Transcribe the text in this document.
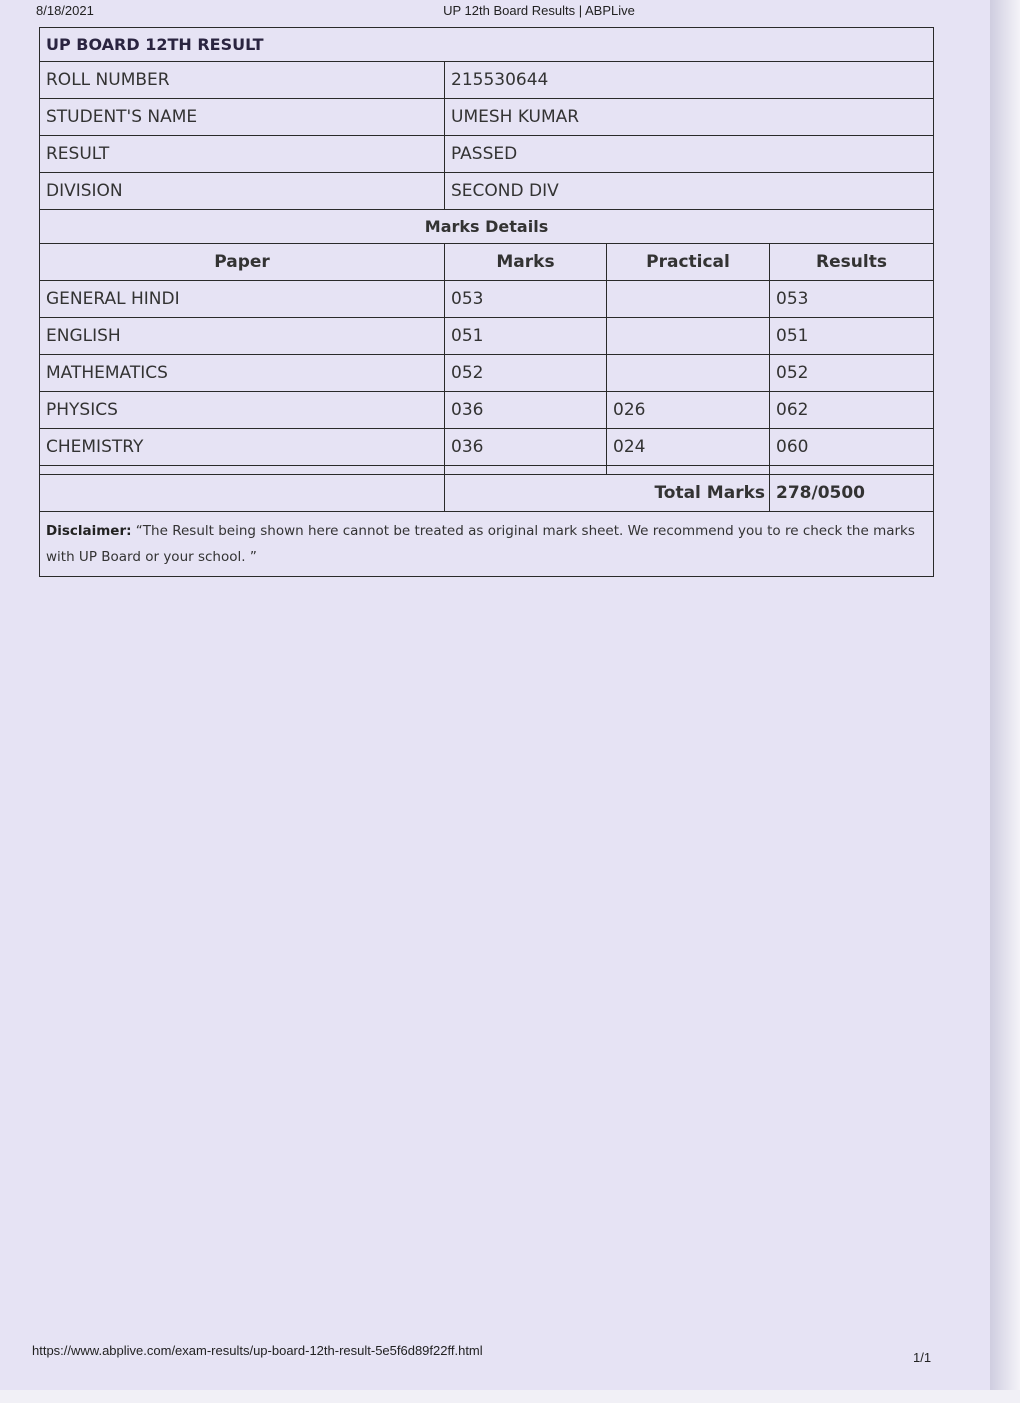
8/18/2021	UP 12th Board Results | ABPLive
UP BOARD 12TH RESULT			
ROLL NUMBER	215530644		
STUDENT'S NAME	UMESH KUMAR		
RESULT	PASSED		
DIVISION	SECOND DIV		
Marks Details			
Paper	Marks	Practical	Results
GENERAL HINDI	053		053
ENGLISH	051		051
MATHEMATICS	052		052
PHYSICS	036	026	062
CHEMISTRY	036	024	060

	Total Marks		278/0500
Disclaimer: “The Result being shown here cannot be treated as original mark sheet. We recommend you to re check the marks with UP Board or your school. ”			
https://www.abplive.com/exam-results/up-board-12th-result-5e5f6d89f22ff.html	1/1
